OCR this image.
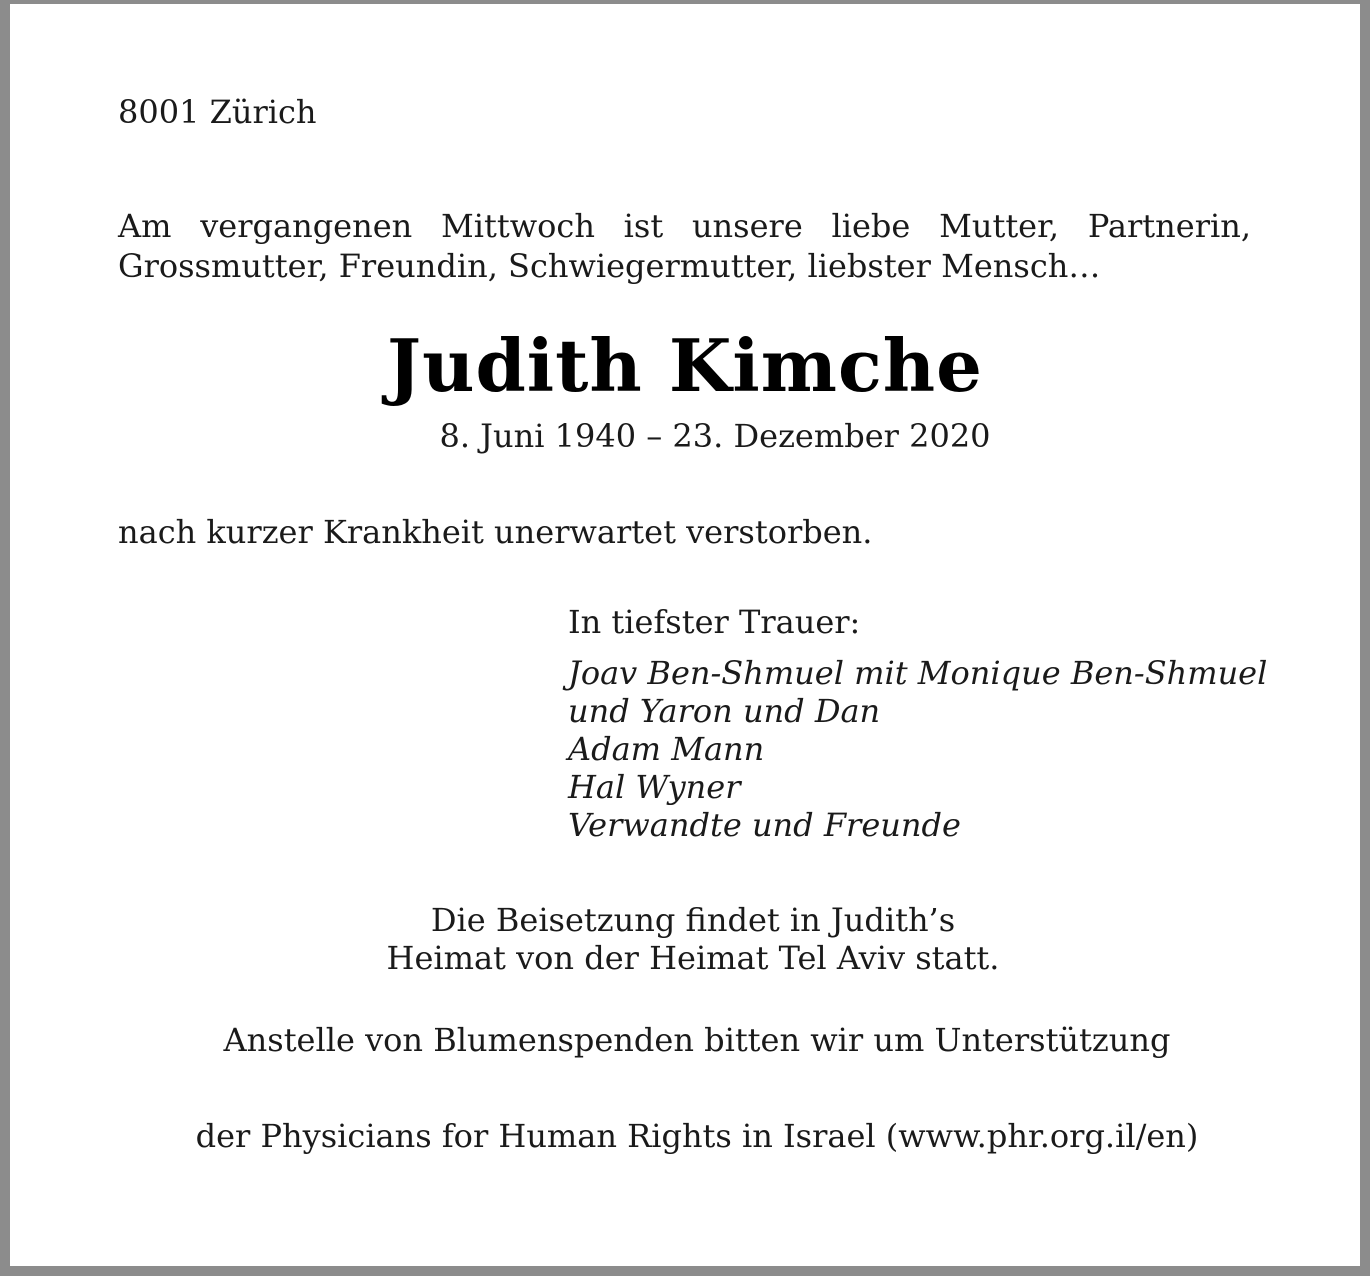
8001 Zürich

Am vergangenen Mittwoch ist unsere liebe Mutter, Partnerin, Grossmutter, Freundin, Schwiegermutter, liebster Mensch…

Judith Kimche

8. Juni 1940 – 23. Dezember 2020

nach kurzer Krankheit unerwartet verstorben.

In tiefster Trauer:

Joav Ben-Shmuel mit Monique Ben-Shmuel
und Yaron und Dan
Adam Mann
Hal Wyner
Verwandte und Freunde

Die Beisetzung findet in Judith’s

Heimat von der Heimat Tel Aviv statt.

Anstelle von Blumenspenden bitten wir um Unterstützung

der Physicians for Human Rights in Israel (www.phr.org.il/en)
